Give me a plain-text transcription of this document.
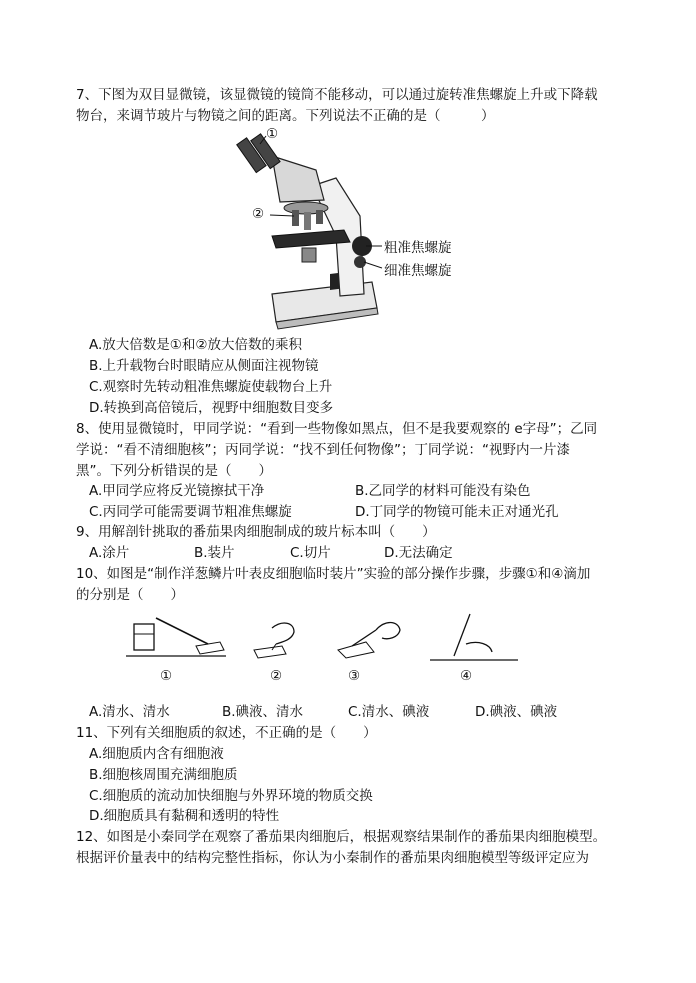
7、下图为双目显微镜，该显微镜的镜筒不能移动，可以通过旋转准焦螺旋上升或下降载
物台，来调节玻片与物镜之间的距离。下列说法不正确的是（　　　）
①
②
粗准焦螺旋
细准焦螺旋
A.放大倍数是①和②放大倍数的乘积
B.上升载物台时眼睛应从侧面注视物镜
C.观察时先转动粗准焦螺旋使载物台上升
D.转换到高倍镜后，视野中细胞数目变多
8、使用显微镜时，甲同学说：“看到一些物像如黑点，但不是我要观察的 e字母”；乙同
学说：“看不清细胞核”；丙同学说：“找不到任何物像”；丁同学说：“视野内一片漆
黑”。下列分析错误的是（　　）
A.甲同学应将反光镜擦拭干净	B.乙同学的材料可能没有染色
C.丙同学可能需要调节粗准焦螺旋	D.丁同学的物镜可能未正对通光孔
9、用解剖针挑取的番茄果肉细胞制成的玻片标本叫（　　）
A.涂片	B.装片	C.切片	D.无法确定
10、如图是“制作洋葱鳞片叶表皮细胞临时装片”实验的部分操作步骤，步骤①和④滴加
的分别是（　　）
①	②	③	④
A.清水、清水	B.碘液、清水	C.清水、碘液	D.碘液、碘液
11、下列有关细胞质的叙述，不正确的是（　　）
A.细胞质内含有细胞液
B.细胞核周围充满细胞质
C.细胞质的流动加快细胞与外界环境的物质交换
D.细胞质具有黏稠和透明的特性
12、如图是小秦同学在观察了番茄果肉细胞后，根据观察结果制作的番茄果肉细胞模型。
根据评价量表中的结构完整性指标，你认为小秦制作的番茄果肉细胞模型等级评定应为
